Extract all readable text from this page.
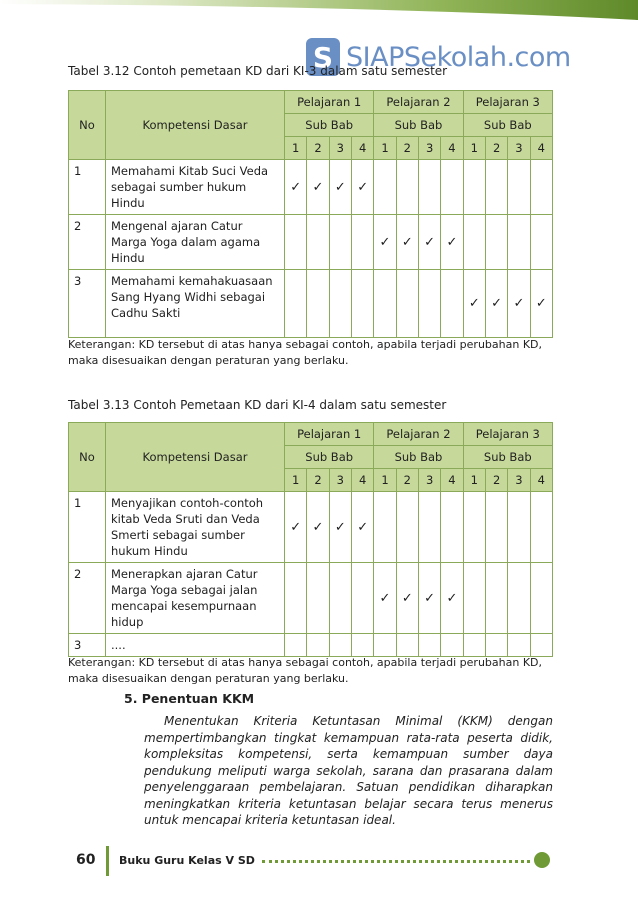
S SIAPSekolah.com
Tabel 3.12 Contoh pemetaan KD dari KI-3 dalam satu semester
No	Kompetensi Dasar	Pelajaran 1				Pelajaran 2				Pelajaran 3			
		Sub Bab				Sub Bab				Sub Bab			
		1	2	3	4	1	2	3	4	1	2	3	4
1	Memahami Kitab Suci Veda sebagai sumber hukum Hindu	✓	✓	✓	✓								
2	Mengenal ajaran Catur Marga Yoga dalam agama Hindu					✓	✓	✓	✓				
3	Memahami kemahakuasaan Sang Hyang Widhi sebagai Cadhu Sakti									✓	✓	✓	✓
Keterangan: KD tersebut di atas hanya sebagai contoh, apabila terjadi perubahan KD, maka disesuaikan dengan peraturan yang berlaku.
Tabel 3.13 Contoh Pemetaan KD dari KI-4 dalam satu semester
No	Kompetensi Dasar	Pelajaran 1				Pelajaran 2				Pelajaran 3			
		Sub Bab				Sub Bab				Sub Bab			
		1	2	3	4	1	2	3	4	1	2	3	4
1	Menyajikan contoh-contoh kitab Veda Sruti dan Veda Smerti sebagai sumber hukum Hindu	✓	✓	✓	✓								
2	Menerapkan ajaran Catur Marga Yoga sebagai jalan mencapai kesempurnaan hidup					✓	✓	✓	✓				
3	....												
Keterangan: KD tersebut di atas hanya sebagai contoh, apabila terjadi perubahan KD, maka disesuaikan dengan peraturan yang berlaku.
5. Penentuan KKM
Menentukan Kriteria Ketuntasan Minimal (KKM) dengan mempertimbangkan tingkat kemampuan rata-rata peserta didik, kompleksitas kompetensi, serta kemampuan sumber daya pendukung meliputi warga sekolah, sarana dan prasarana dalam penyelenggaraan pembelajaran. Satuan pendidikan diharapkan meningkatkan kriteria ketuntasan belajar secara terus menerus untuk mencapai kriteria ketuntasan ideal.
60 Buku Guru Kelas V SD
